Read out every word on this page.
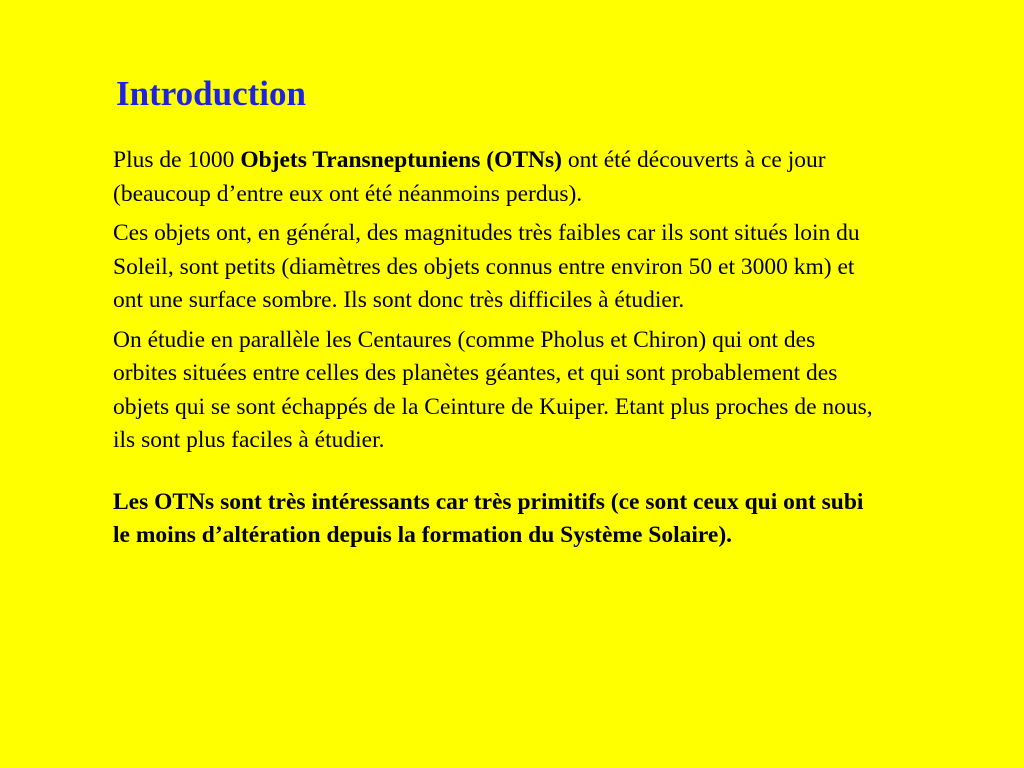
Introduction

Plus de 1000 Objets Transneptuniens (OTNs) ont été découverts à ce jour (beaucoup d’entre eux ont été néanmoins perdus).

Ces objets ont, en général, des magnitudes très faibles car ils sont situés loin du Soleil, sont petits (diamètres des objets connus entre environ 50 et 3000 km) et ont une surface sombre. Ils sont donc très difficiles à étudier.

On étudie en parallèle les Centaures (comme Pholus et Chiron) qui ont des orbites situées entre celles des planètes géantes, et qui sont probablement des objets qui se sont échappés de la Ceinture de Kuiper. Etant plus proches de nous, ils sont plus faciles à étudier.

Les OTNs sont très intéressants car très primitifs (ce sont ceux qui ont subi le moins d’altération depuis la formation du Système Solaire).
